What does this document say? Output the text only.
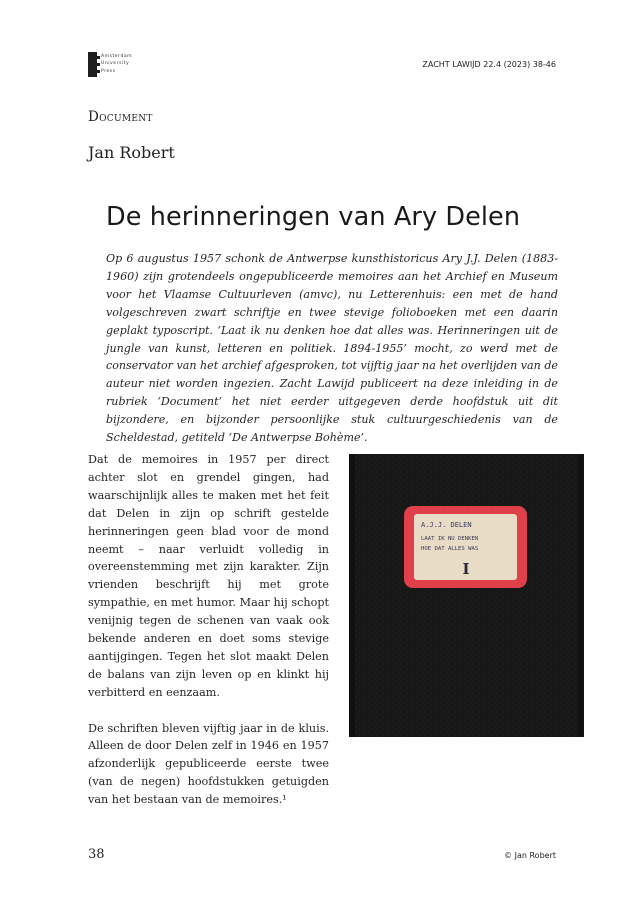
Amsterdam
University
Press
ZACHT LAWIJD 22.4 (2023) 38-46
Document
Jan Robert
De herinneringen van Ary Delen
Op 6 augustus 1957 schonk de Antwerpse kunsthistoricus Ary J.J. Delen (1883-1960) zijn grotendeels ongepubliceerde memoires aan het Archief en Museum voor het Vlaamse Cultuurleven (amvc), nu Letterenhuis: een met de hand volgeschreven zwart schriftje en twee stevige folioboeken met een daarin geplakt typoscript. ‘Laat ik nu denken hoe dat alles was. Herinneringen uit de jungle van kunst, letteren en politiek. 1894-1955’ mocht, zo werd met de conservator van het archief afgesproken, tot vijftig jaar na het overlijden van de auteur niet worden ingezien. Zacht Lawijd publiceert na deze inleiding in de rubriek ‘Document’ het niet eerder uitgegeven derde hoofdstuk uit dit bijzondere, en bijzonder persoonlijke stuk cultuurgeschiedenis van de Scheldestad, getiteld ‘De Antwerpse Bohème’.

Dat de memoires in 1957 per direct achter slot en grendel gingen, had waarschijnlijk alles te maken met het feit dat Delen in zijn op schrift gestelde herinneringen geen blad voor de mond neemt – naar verluidt volledig in overeenstemming met zijn karakter. Zijn vrienden beschrijft hij met grote sympathie, en met humor. Maar hij schopt venijnig tegen de schenen van vaak ook bekende anderen en doet soms stevige aantijgingen. Tegen het slot maakt Delen de balans van zijn leven op en klinkt hij verbitterd en eenzaam.

De schriften bleven vijftig jaar in de kluis. Alleen de door Delen zelf in 1946 en 1957 afzonderlijk gepubliceerde eerste twee (van de negen) hoofdstukken getuigden van het bestaan van de memoires.¹

A.J.J. DELEN
LAAT IK NU DENKEN
HOE DAT ALLES WAS
I
38	© Jan Robert
